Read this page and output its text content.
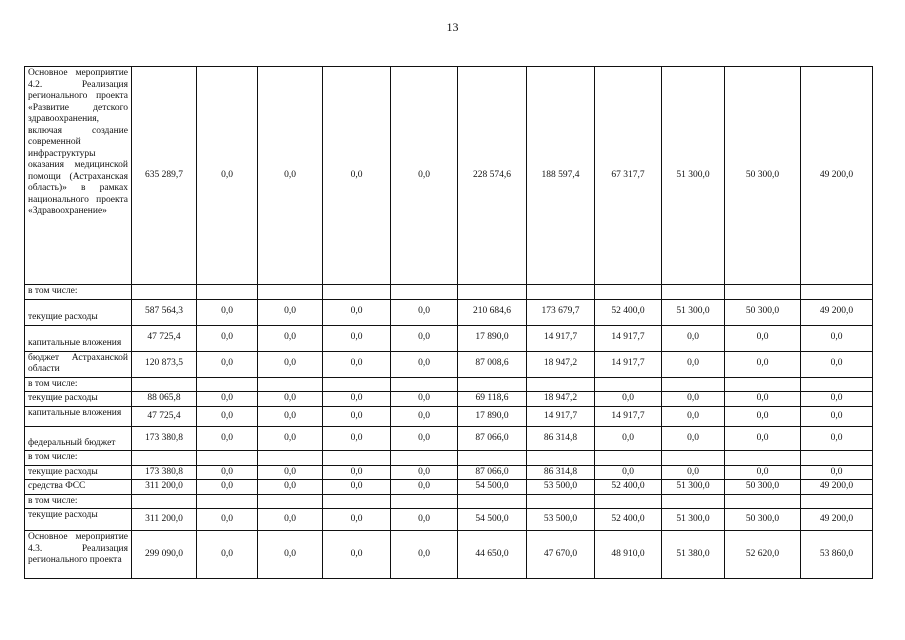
13
Основное мероприятие 4.2. Реализация регионального проекта «Развитие детского здравоохранения, включая создание современной инфраструктуры оказания медицинской помощи (Астраханская область)» в рамках национального проекта «Здравоохранение»	635 289,7	0,0	0,0	0,0	0,0	228 574,6	188 597,4	67 317,7	51 300,0	50 300,0	49 200,0
в том числе:											
текущие расходы	587 564,3	0,0	0,0	0,0	0,0	210 684,6	173 679,7	52 400,0	51 300,0	50 300,0	49 200,0
капитальные вложения	47 725,4	0,0	0,0	0,0	0,0	17 890,0	14 917,7	14 917,7	0,0	0,0	0,0
бюджет Астраханской области	120 873,5	0,0	0,0	0,0	0,0	87 008,6	18 947,2	14 917,7	0,0	0,0	0,0
в том числе:											
текущие расходы	88 065,8	0,0	0,0	0,0	0,0	69 118,6	18 947,2	0,0	0,0	0,0	0,0
капитальные вложения	47 725,4	0,0	0,0	0,0	0,0	17 890,0	14 917,7	14 917,7	0,0	0,0	0,0
федеральный бюджет	173 380,8	0,0	0,0	0,0	0,0	87 066,0	86 314,8	0,0	0,0	0,0	0,0
в том числе:											
текущие расходы	173 380,8	0,0	0,0	0,0	0,0	87 066,0	86 314,8	0,0	0,0	0,0	0,0
средства ФСС	311 200,0	0,0	0,0	0,0	0,0	54 500,0	53 500,0	52 400,0	51 300,0	50 300,0	49 200,0
в том числе:											
текущие расходы	311 200,0	0,0	0,0	0,0	0,0	54 500,0	53 500,0	52 400,0	51 300,0	50 300,0	49 200,0
Основное мероприятие 4.3. Реализация регионального проекта	299 090,0	0,0	0,0	0,0	0,0	44 650,0	47 670,0	48 910,0	51 380,0	52 620,0	53 860,0
